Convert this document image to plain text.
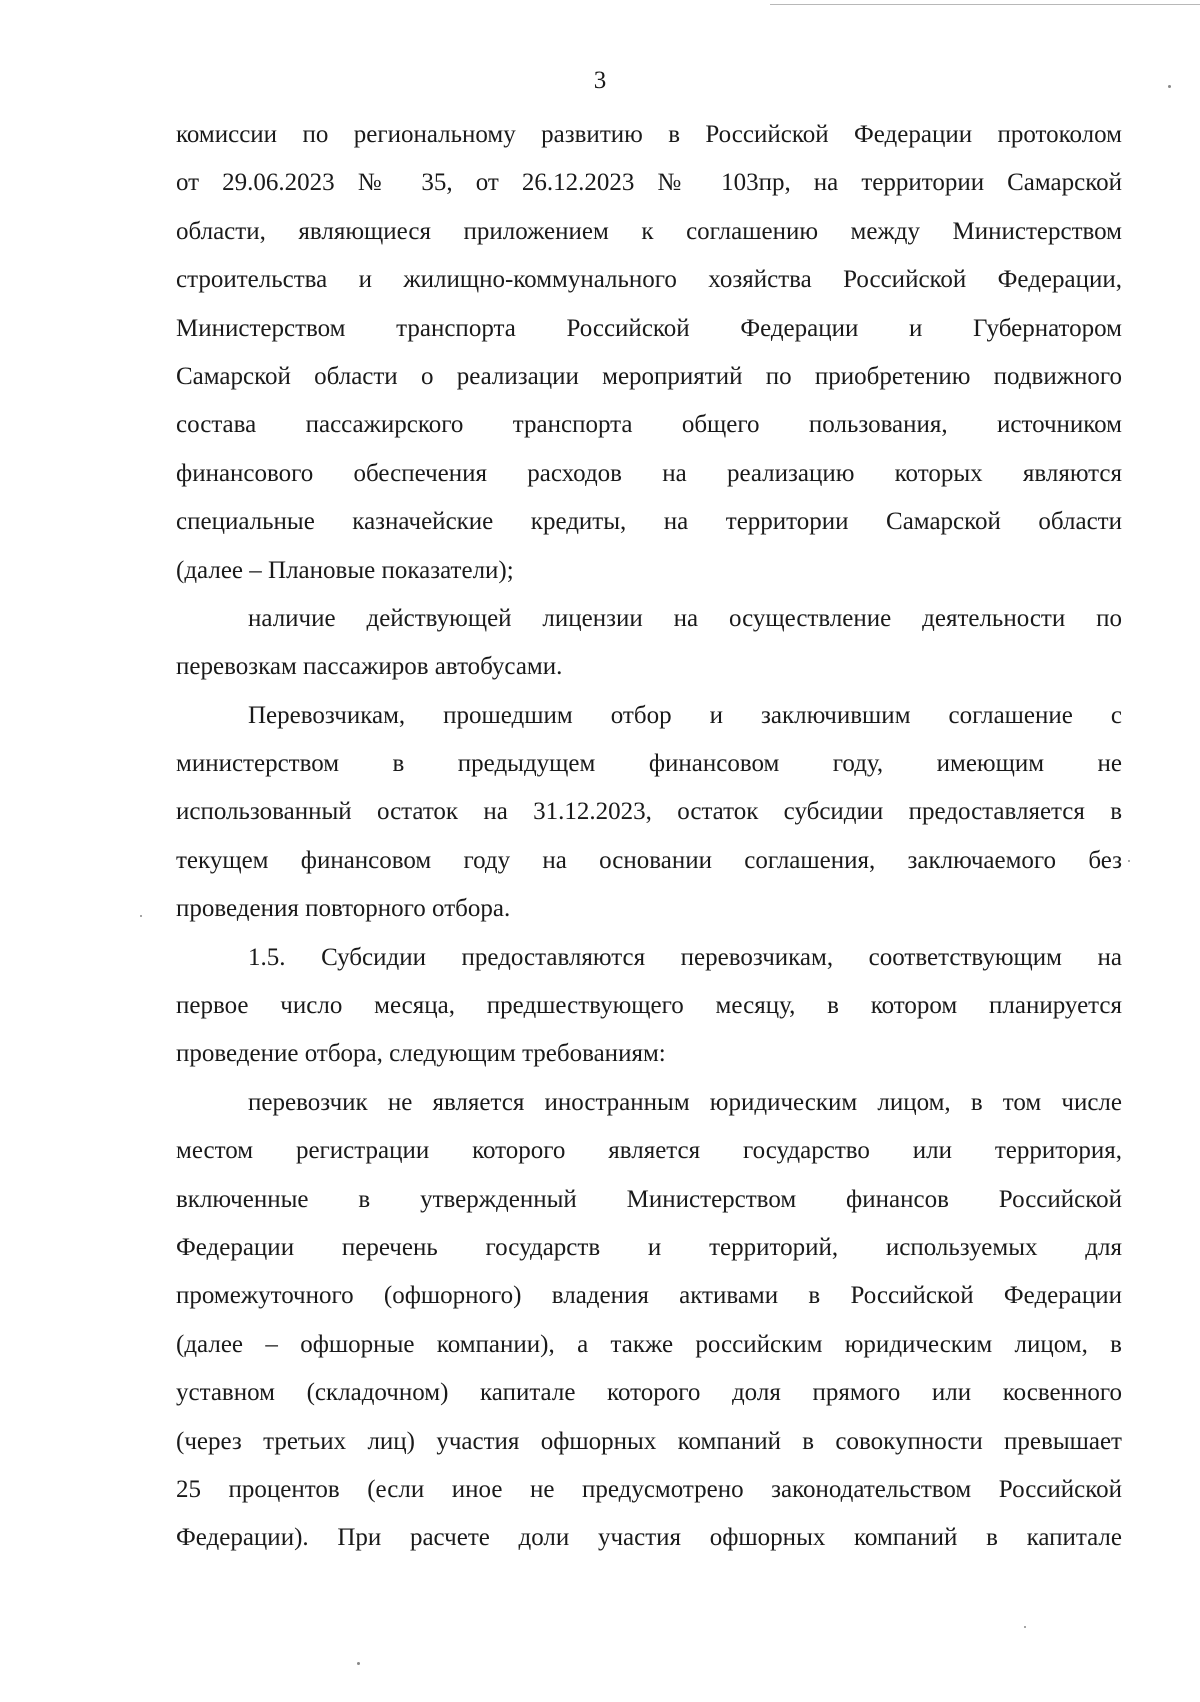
3
комиссии по региональному развитию в Российской Федерации протоколом
от 29.06.2023 № 35, от 26.12.2023 № 103пр, на территории Самарской
области, являющиеся приложением к соглашению между Министерством
строительства и жилищно-коммунального хозяйства Российской Федерации,
Министерством транспорта Российской Федерации и Губернатором
Самарской области о реализации мероприятий по приобретению подвижного
состава пассажирского транспорта общего пользования, источником
финансового обеспечения расходов на реализацию которых являются
специальные казначейские кредиты, на территории Самарской области
(далее – Плановые показатели);
наличие действующей лицензии на осуществление деятельности по
перевозкам пассажиров автобусами.
Перевозчикам, прошедшим отбор и заключившим соглашение с
министерством в предыдущем финансовом году, имеющим не
использованный остаток на 31.12.2023, остаток субсидии предоставляется в
текущем финансовом году на основании соглашения, заключаемого без
проведения повторного отбора.
1.5. Субсидии предоставляются перевозчикам, соответствующим на
первое число месяца, предшествующего месяцу, в котором планируется
проведение отбора, следующим требованиям:
перевозчик не является иностранным юридическим лицом, в том числе
местом регистрации которого является государство или территория,
включенные в утвержденный Министерством финансов Российской
Федерации перечень государств и территорий, используемых для
промежуточного (офшорного) владения активами в Российской Федерации
(далее – офшорные компании), а также российским юридическим лицом, в
уставном (складочном) капитале которого доля прямого или косвенного
(через третьих лиц) участия офшорных компаний в совокупности превышает
25 процентов (если иное не предусмотрено законодательством Российской
Федерации). При расчете доли участия офшорных компаний в капитале
